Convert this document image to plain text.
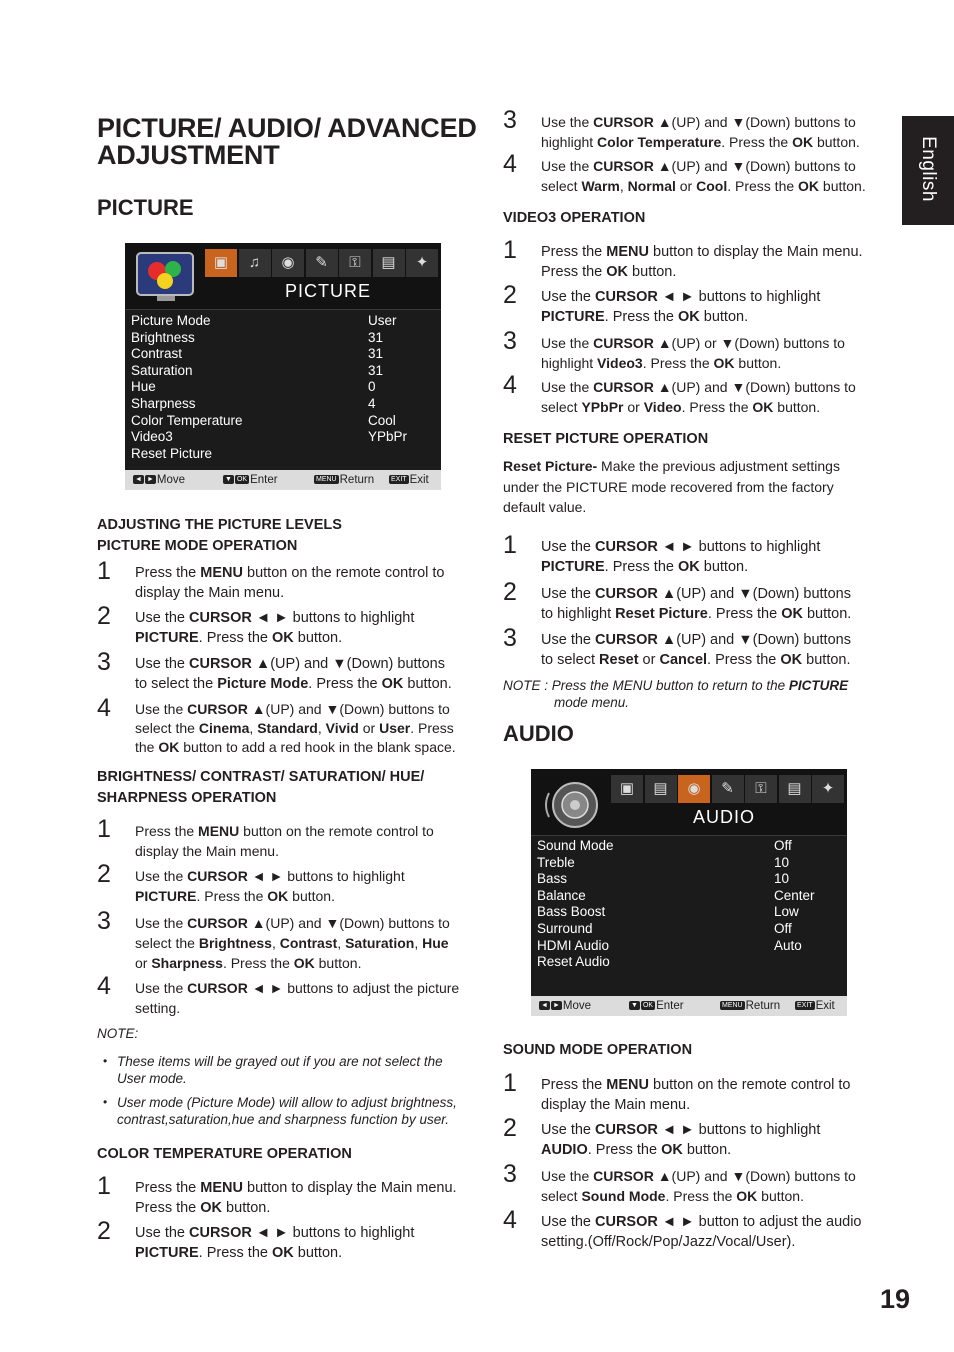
English
PICTURE/ AUDIO/ ADVANCED
ADJUSTMENT
PICTURE
▣	♫	◉	✎	⚿	▤	✦
PICTURE
Picture Mode	User
Brightness	31
Contrast	31
Saturation	31
Hue	0
Sharpness	4
Color Temperature	Cool
Video3	YPbPr
Reset Picture
◄ ► Move	▼ OK Enter	MENU Return EXIT Exit
ADJUSTING THE PICTURE LEVELS
PICTURE MODE OPERATION
1 Press the MENU button on the remote control to
display the Main menu.
2 Use the CURSOR ◄ ► buttons to highlight
PICTURE. Press the OK button.
3 Use the CURSOR ▲(UP) and ▼(Down) buttons
to select the Picture Mode. Press the OK button.
4 Use the CURSOR ▲(UP) and ▼(Down) buttons to
select the Cinema, Standard, Vivid or User. Press
the OK button to add a red hook in the blank space.
BRIGHTNESS/ CONTRAST/ SATURATION/ HUE/
SHARPNESS OPERATION
1 Press the MENU button on the remote control to
display the Main menu.
2 Use the CURSOR ◄ ► buttons to highlight
PICTURE. Press the OK button.
3 Use the CURSOR ▲(UP) and ▼(Down) buttons to
select the Brightness, Contrast, Saturation, Hue
or Sharpness. Press the OK button.
4 Use the CURSOR ◄ ► buttons to adjust the picture
setting.
NOTE:
• These items will be grayed out if you are not select the
User mode.
• User mode (Picture Mode) will allow to adjust brightness,
contrast,saturation,hue and sharpness function by user.
COLOR TEMPERATURE OPERATION
1 Press the MENU button to display the Main menu.
Press the OK button.
2 Use the CURSOR ◄ ► buttons to highlight
PICTURE. Press the OK button.
3 Use the CURSOR ▲(UP) and ▼(Down) buttons to
highlight Color Temperature. Press the OK button.
4 Use the CURSOR ▲(UP) and ▼(Down) buttons to
select Warm, Normal or Cool. Press the OK button.
VIDEO3 OPERATION
1 Press the MENU button to display the Main menu.
Press the OK button.
2 Use the CURSOR ◄ ► buttons to highlight
PICTURE. Press the OK button.
3 Use the CURSOR ▲(UP) or ▼(Down) buttons to
highlight Video3. Press the OK button.
4 Use the CURSOR ▲(UP) and ▼(Down) buttons to
select YPbPr or Video. Press the OK button.
RESET PICTURE OPERATION
Reset Picture- Make the previous adjustment settings
under the PICTURE mode recovered from the factory
default value.
1 Use the CURSOR ◄ ► buttons to highlight
PICTURE. Press the OK button.
2 Use the CURSOR ▲(UP) and ▼(Down) buttons
to highlight Reset Picture. Press the OK button.
3 Use the CURSOR ▲(UP) and ▼(Down) buttons
to select Reset or Cancel. Press the OK button.
NOTE : Press the MENU button to return to the PICTURE
mode menu.
AUDIO
▣	▤	◉	✎	⚿	▤	✦
AUDIO
Sound Mode	Off
Treble	10
Bass	10
Balance	Center
Bass Boost	Low
Surround	Off
HDMI Audio	Auto
Reset Audio
◄ ► Move	▼ OK Enter	MENU Return EXIT Exit
SOUND MODE OPERATION
1 Press the MENU button on the remote control to
display the Main menu.
2 Use the CURSOR ◄ ► buttons to highlight
AUDIO. Press the OK button.
3 Use the CURSOR ▲(UP) and ▼(Down) buttons to
select Sound Mode. Press the OK button.
4 Use the CURSOR ◄ ► button to adjust the audio
setting.(Off/Rock/Pop/Jazz/Vocal/User).
19
